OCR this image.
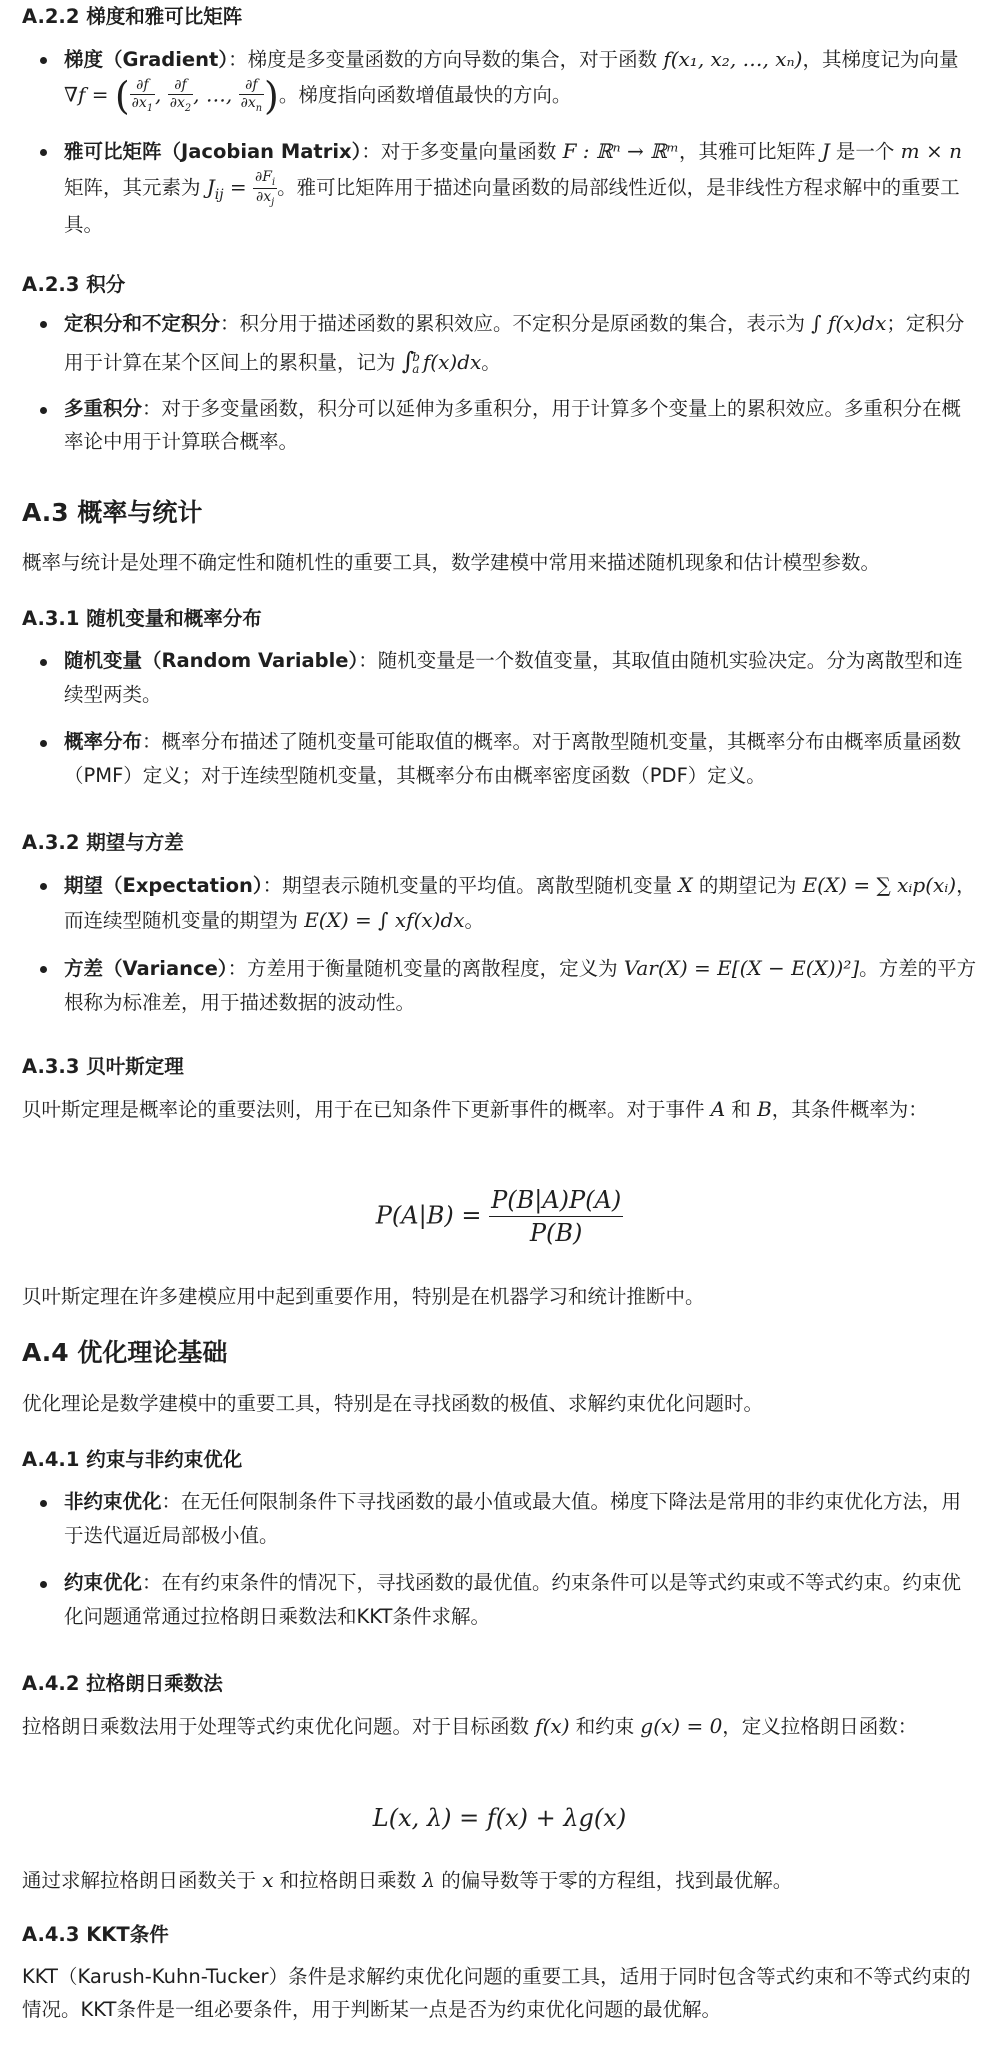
A.2.2 梯度和雅可比矩阵
梯度（Gradient）：梯度是多变量函数的方向导数的集合，对于函数 f(x₁, x₂, …, xₙ)，其梯度记为向量 ∇f = ( $\frac{\partial f}{\partial x_1}$ , $\frac{\partial f}{\partial x_2}$ , …, $\frac{\partial f}{\partial x_n}$ )。梯度指向函数增值最快的方向。
雅可比矩阵（Jacobian Matrix）：对于多变量向量函数 F : ℝⁿ → ℝᵐ，其雅可比矩阵 J 是一个 m × n 矩阵，其元素为 $J_{ij} = \frac{\partial F_i}{\partial x_j}$ 。雅可比矩阵用于描述向量函数的局部线性近似，是非线性方程求解中的重要工具。
A.2.3 积分
定积分和不定积分：积分用于描述函数的累积效应。不定积分是原函数的集合，表示为 ∫ f(x)dx；定积分用于计算在某个区间上的累积量，记为 ∫
b
a f(x)dx。
多重积分：对于多变量函数，积分可以延伸为多重积分，用于计算多个变量上的累积效应。多重积分在概率论中用于计算联合概率。
A.3 概率与统计

概率与统计是处理不确定性和随机性的重要工具，数学建模中常用来描述随机现象和估计模型参数。

A.3.1 随机变量和概率分布
随机变量（Random Variable）：随机变量是一个数值变量，其取值由随机实验决定。分为离散型和连续型两类。
概率分布：概率分布描述了随机变量可能取值的概率。对于离散型随机变量，其概率分布由概率质量函数（PMF）定义；对于连续型随机变量，其概率分布由概率密度函数（PDF）定义。
A.3.2 期望与方差
期望（Expectation）：期望表示随机变量的平均值。离散型随机变量 X 的期望记为 E(X) = ∑ xᵢp(xᵢ)，而连续型随机变量的期望为 E(X) = ∫ xf(x)dx。
方差（Variance）：方差用于衡量随机变量的离散程度，定义为 Var(X) = E[(X − E(X))²]。方差的平方根称为标准差，用于描述数据的波动性。
A.3.3 贝叶斯定理

贝叶斯定理是概率论的重要法则，用于在已知条件下更新事件的概率。对于事件 A 和 B，其条件概率为：

$P(A|B) = \frac{P(B|A)P(A)}{P(B)}$

贝叶斯定理在许多建模应用中起到重要作用，特别是在机器学习和统计推断中。

A.4 优化理论基础

优化理论是数学建模中的重要工具，特别是在寻找函数的极值、求解约束优化问题时。

A.4.1 约束与非约束优化
非约束优化：在无任何限制条件下寻找函数的最小值或最大值。梯度下降法是常用的非约束优化方法，用于迭代逼近局部极小值。
约束优化：在有约束条件的情况下，寻找函数的最优值。约束条件可以是等式约束或不等式约束。约束优化问题通常通过拉格朗日乘数法和KKT条件求解。
A.4.2 拉格朗日乘数法

拉格朗日乘数法用于处理等式约束优化问题。对于目标函数 f(x) 和约束 g(x) = 0，定义拉格朗日函数：

L(x, λ) = f(x) + λg(x)

通过求解拉格朗日函数关于 x 和拉格朗日乘数 λ 的偏导数等于零的方程组，找到最优解。

A.4.3 KKT条件

KKT（Karush-Kuhn-Tucker）条件是求解约束优化问题的重要工具，适用于同时包含等式约束和不等式约束的情况。KKT条件是一组必要条件，用于判断某一点是否为约束优化问题的最优解。
